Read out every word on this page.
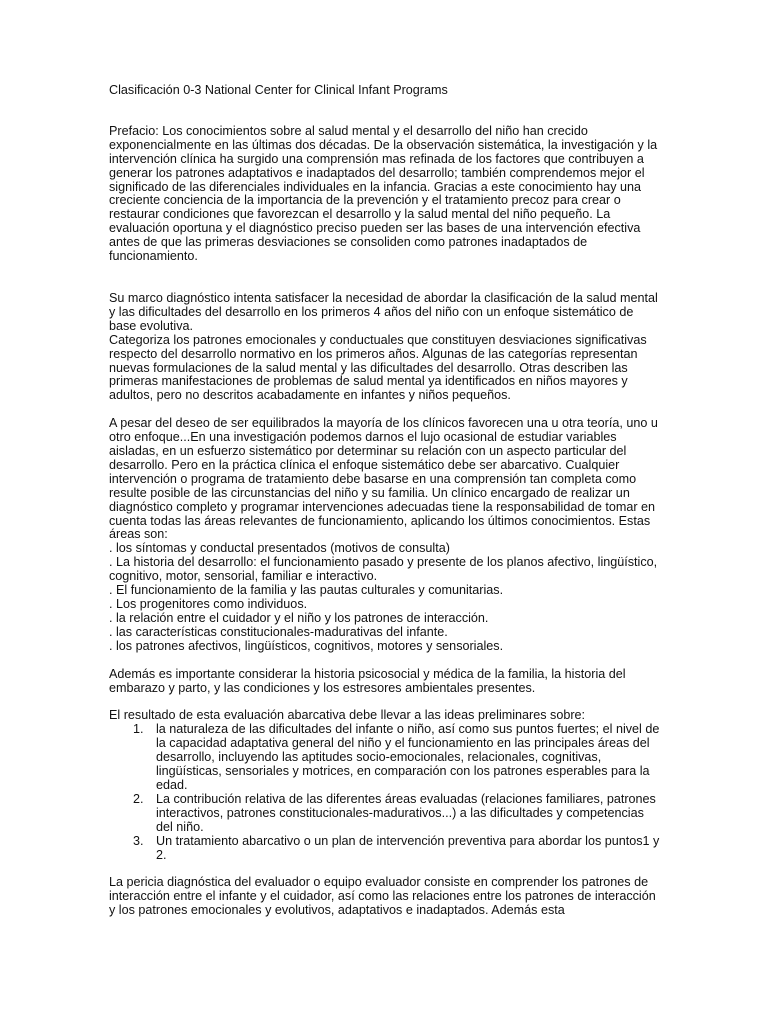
Clasificación 0-3 National Center for Clinical Infant Programs

Prefacio: Los conocimientos sobre al salud mental y el desarrollo del niño han crecido exponencialmente en las últimas dos décadas. De la observación sistemática, la investigación y la intervención clínica ha surgido una comprensión mas refinada de los factores que contribuyen a generar los patrones adaptativos e inadaptados del desarrollo; también comprendemos mejor el significado de las diferenciales individuales en la infancia. Gracias a este conocimiento hay una creciente conciencia de la importancia de la prevención y el tratamiento precoz para crear o restaurar condiciones que favorezcan el desarrollo y la salud mental del niño pequeño. La evaluación oportuna y el diagnóstico preciso pueden ser las bases de una intervención efectiva antes de que las primeras desviaciones se consoliden como patrones inadaptados de funcionamiento.

Su marco diagnóstico intenta satisfacer la necesidad de abordar la clasificación de la salud mental y las dificultades del desarrollo en los primeros 4 años del niño con un enfoque sistemático de base evolutiva.

Categoriza los patrones emocionales y conductuales que constituyen desviaciones significativas respecto del desarrollo normativo en los primeros años. Algunas de las categorías representan nuevas formulaciones de la salud mental y las dificultades del desarrollo. Otras describen las primeras manifestaciones de problemas de salud mental ya identificados en niños mayores y adultos, pero no descritos acabadamente en infantes y niños pequeños.

A pesar del deseo de ser equilibrados la mayoría de los clínicos favorecen una u otra teoría, uno u otro enfoque...En una investigación podemos darnos el lujo ocasional de estudiar variables aisladas, en un esfuerzo sistemático por determinar su relación con un aspecto particular del desarrollo. Pero en la práctica clínica el enfoque sistemático debe ser abarcativo. Cualquier intervención o programa de tratamiento debe basarse en una comprensión tan completa como resulte posible de las circunstancias del niño y su familia. Un clínico encargado de realizar un diagnóstico completo y programar intervenciones adecuadas tiene la responsabilidad de tomar en cuenta todas las áreas relevantes de funcionamiento, aplicando los últimos conocimientos. Estas áreas son:

. los síntomas y conductal presentados (motivos de consulta)
. La historia del desarrollo: el funcionamiento pasado y presente de los planos afectivo, lingüístico, cognitivo, motor, sensorial, familiar e interactivo.
. El funcionamiento de la familia y las pautas culturales y comunitarias.
. Los progenitores como individuos.
. la relación entre el cuidador y el niño y los patrones de interacción.
. las características constitucionales-madurativas del infante.
. los patrones afectivos, lingüísticos, cognitivos, motores y sensoriales.

Además es importante considerar la historia psicosocial y médica de la familia, la historia del embarazo y parto, y las condiciones y los estresores ambientales presentes.

El resultado de esta evaluación abarcativa debe llevar a las ideas preliminares sobre:

1. la naturaleza de las dificultades del infante o niño, así como sus puntos fuertes; el nivel de la capacidad adaptativa general del niño y el funcionamiento en las principales áreas del desarrollo, incluyendo las aptitudes socio-emocionales, relacionales, cognitivas, lingüísticas, sensoriales y motrices, en comparación con los patrones esperables para la edad.
2. La contribución relativa de las diferentes áreas evaluadas (relaciones familiares, patrones interactivos, patrones constitucionales-madurativos...) a las dificultades y competencias del niño.
3. Un tratamiento abarcativo o un plan de intervención preventiva para abordar los puntos1 y 2.

La pericia diagnóstica del evaluador o equipo evaluador consiste en comprender los patrones de interacción entre el infante y el cuidador, así como las relaciones entre los patrones de interacción y los patrones emocionales y evolutivos, adaptativos e inadaptados. Además esta
